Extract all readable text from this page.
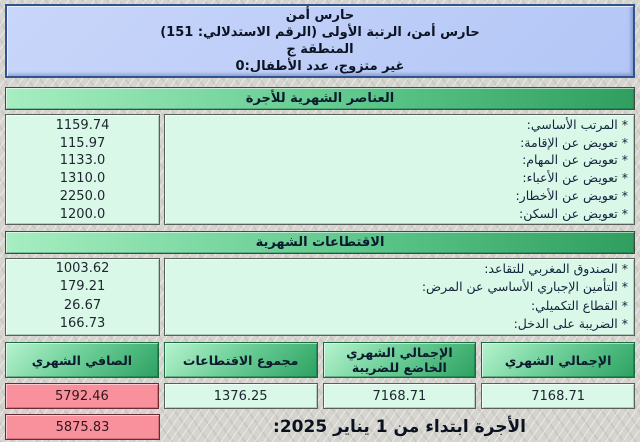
حارس أمن
حارس أمن، الرتبة الأولى (الرقم الاستدلالي: 151)
المنطقة ج
غير متزوج، عدد الأطفال:0
العناصر الشهرية للأجرة
1159.74
115.97
1133.0
1310.0
2250.0
1200.0
* المرتب الأساسي:
* تعويض عن الإقامة:
* تعويض عن المهام:
* تعويض عن الأعباء:
* تعويض عن الأخطار:
* تعويض عن السكن:
الاقتطاعات الشهرية
1003.62
179.21
26.67
166.73
* الصندوق المغربي للتقاعد:
* التأمين الإجباري الأساسي عن المرض:
* القطاع التكميلي:
* الضريبة على الدخل:
الإجمالي الشهري
7168.71
الإجمالي الشهري الخاضع للضريبة
7168.71
مجموع الاقتطاعات
1376.25
الصافي الشهري
5792.46
5875.83	الأجرة ابتداء من 1 يناير 2025:
